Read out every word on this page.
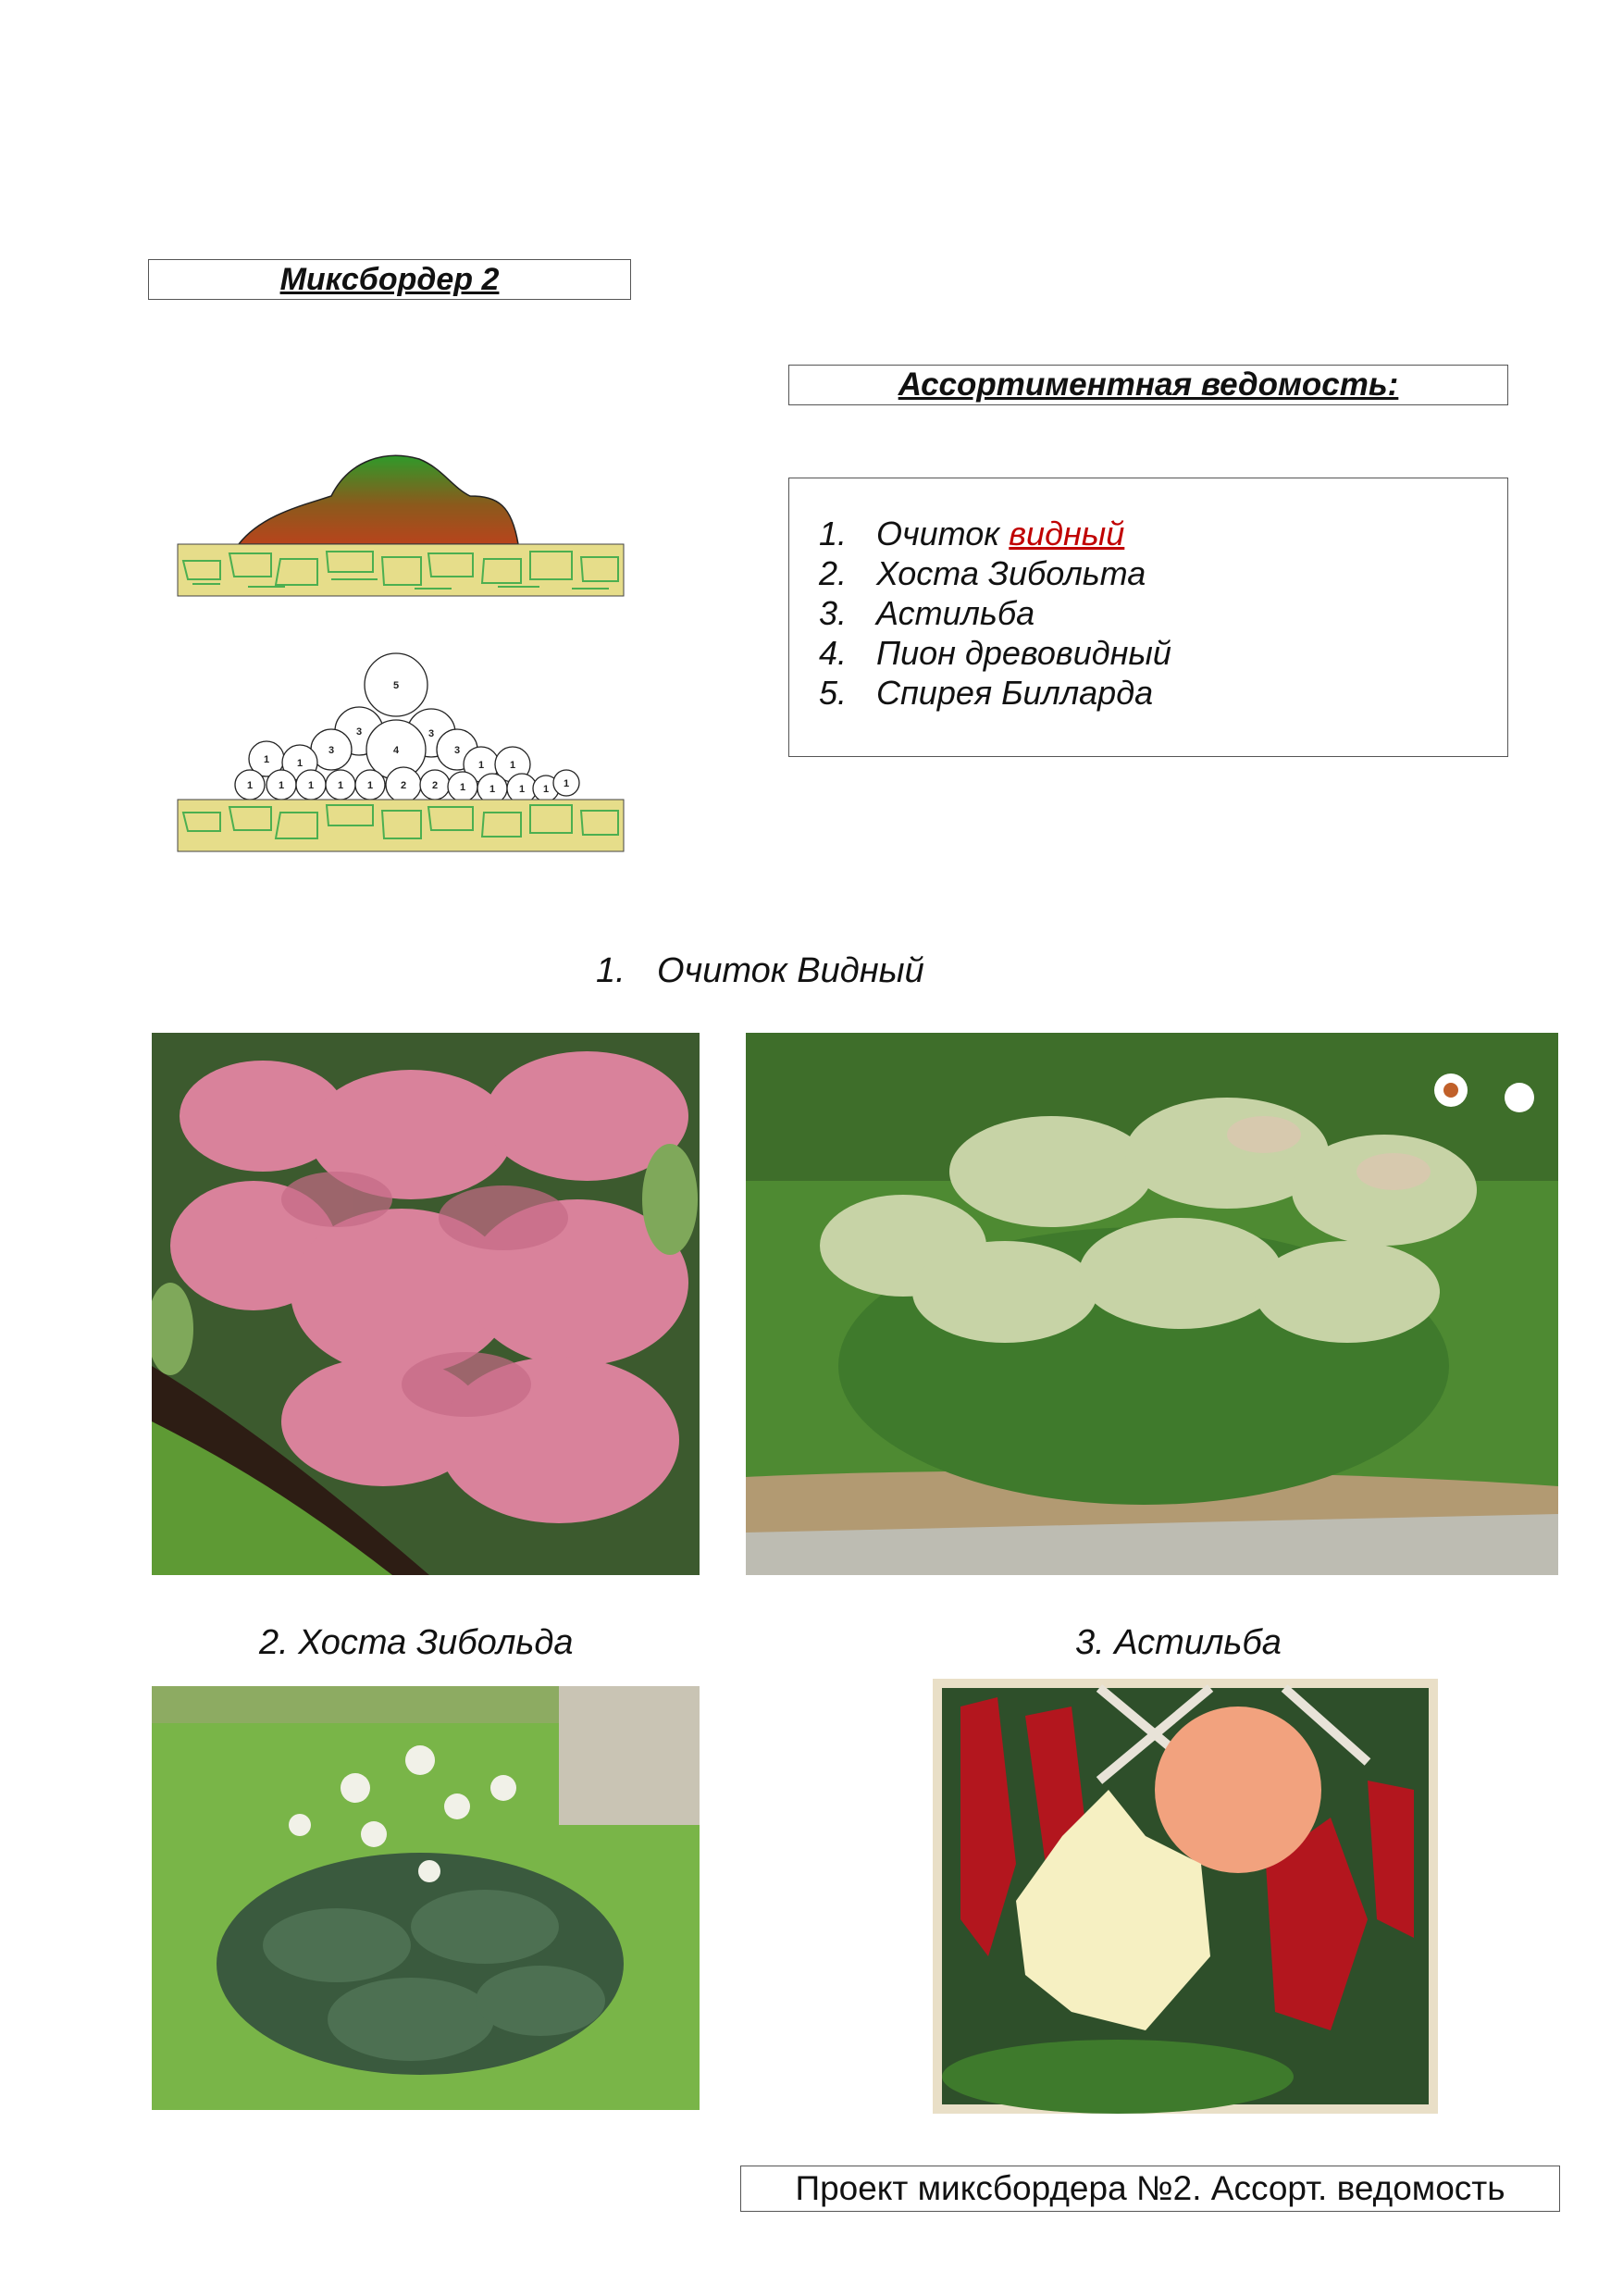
Миксбордер 2
5
3	3
4
3	3
1	1	1	1
1	1 1 1 1	2	2 1 1 1 1 1
Ассортиментная ведомость:
1. Очиток видный
2. Хоста Зибольта
3. Астильба
4. Пион древовидный
5. Спирея Билларда
1. Очиток Видный
2. Хоста Зибольда	3. Астильба
Проект миксбордера №2. Ассорт. ведомость
